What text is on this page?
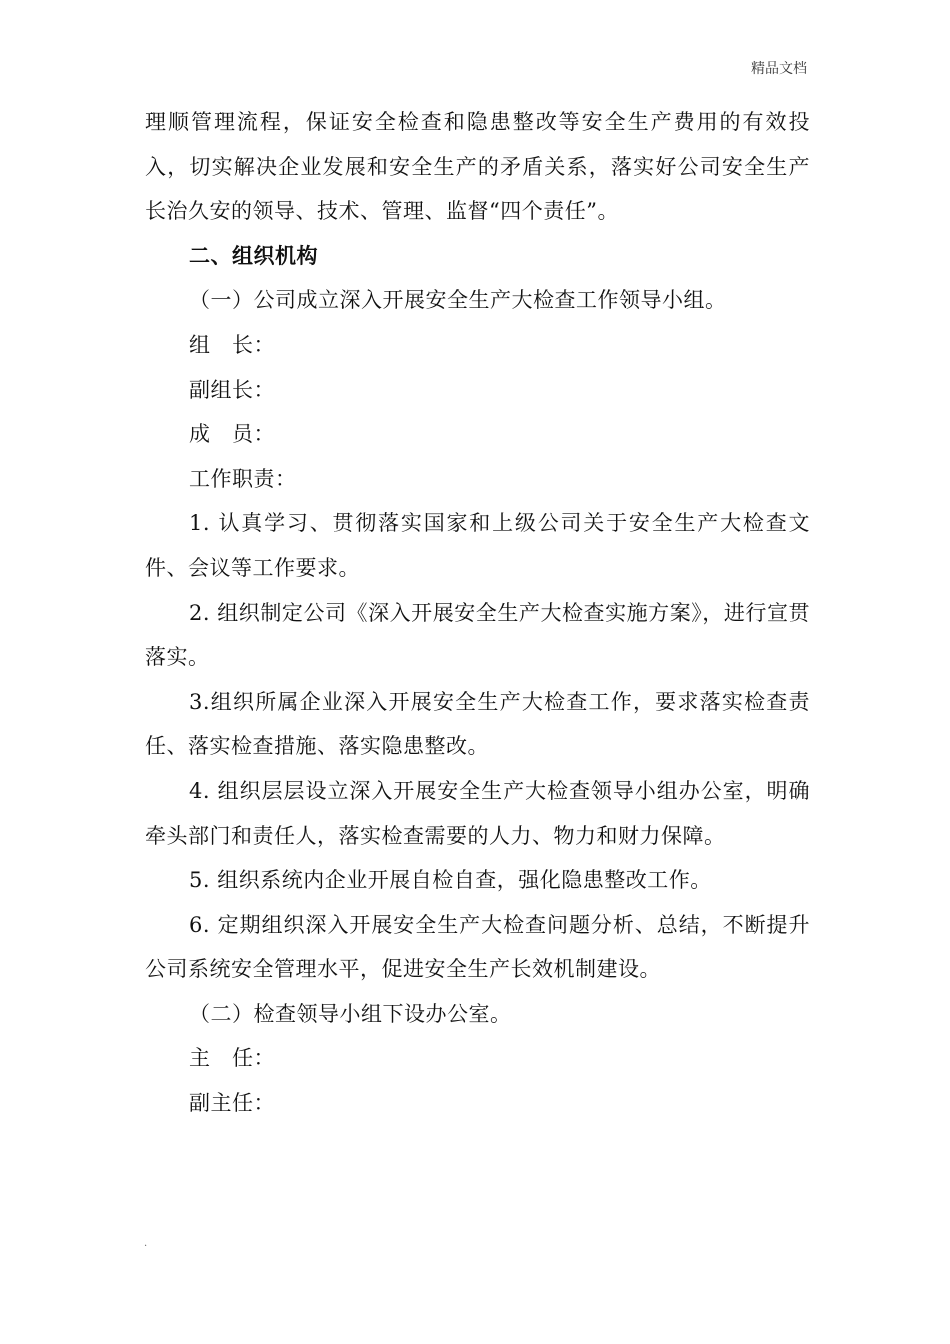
精品文档

理顺管理流程，保证安全检查和隐患整改等安全生产费用的有效投入，切实解决企业发展和安全生产的矛盾关系，落实好公司安全生产长治久安的领导、技术、管理、监督“四个责任”。

二、组织机构

（一）公司成立深入开展安全生产大检查工作领导小组。

组　长：

副组长：

成　员：

工作职责：

1. 认真学习、贯彻落实国家和上级公司关于安全生产大检查文件、会议等工作要求。

2. 组织制定公司《深入开展安全生产大检查实施方案》，进行宣贯落实。

3.组织所属企业深入开展安全生产大检查工作，要求落实检查责任、落实检查措施、落实隐患整改。

4. 组织层层设立深入开展安全生产大检查领导小组办公室，明确牵头部门和责任人，落实检查需要的人力、物力和财力保障。

5. 组织系统内企业开展自检自查，强化隐患整改工作。

6. 定期组织深入开展安全生产大检查问题分析、总结，不断提升公司系统安全管理水平，促进安全生产长效机制建设。

（二）检查领导小组下设办公室。

主　任：

副主任：

.
